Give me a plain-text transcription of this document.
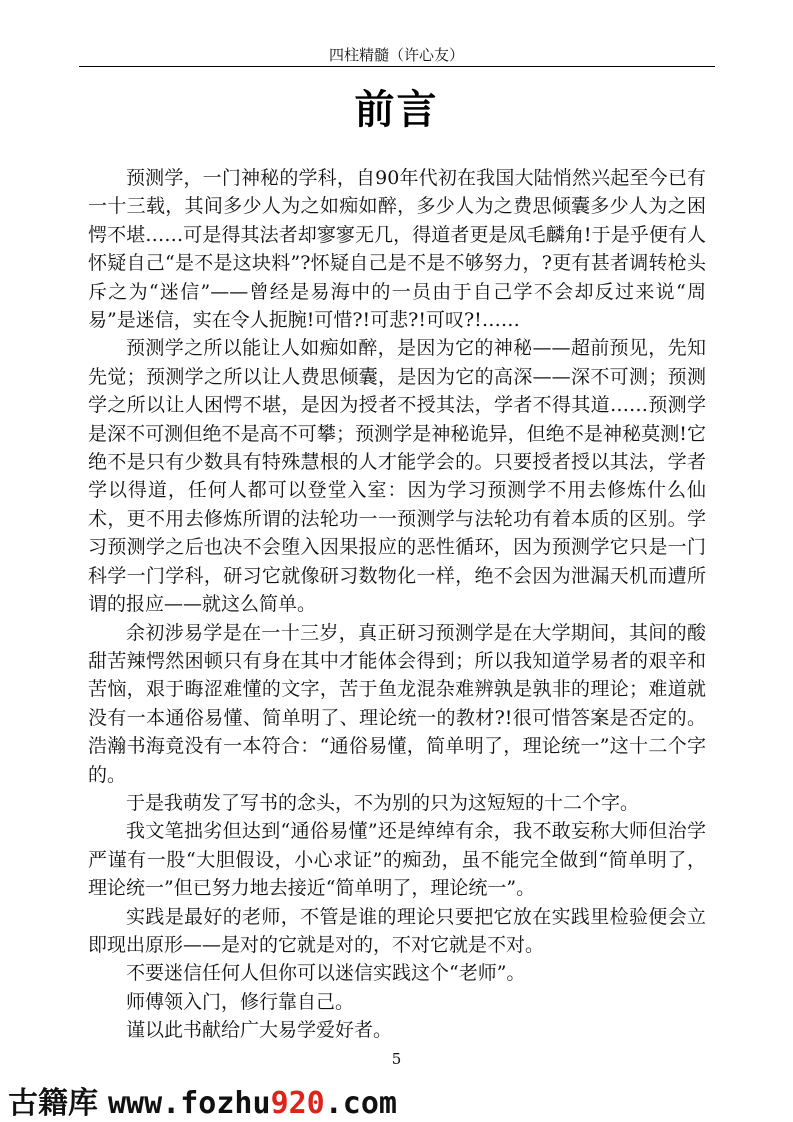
四柱精髓（许心友）
前言

预测学，一门神秘的学科，自90年代初在我国大陆悄然兴起至今已有一十三载，其间多少人为之如痴如醉，多少人为之费思倾囊多少人为之困愕不堪……可是得其法者却寥寥无几，得道者更是凤毛麟角!于是乎便有人怀疑自己“是不是这块料”?怀疑自己是不是不够努力，?更有甚者调转枪头斥之为“迷信”——曾经是易海中的一员由于自己学不会却反过来说“周易”是迷信，实在令人扼腕!可惜?!可悲?!可叹?!……

预测学之所以能让人如痴如醉，是因为它的神秘——超前预见，先知先觉；预测学之所以让人费思倾囊，是因为它的高深——深不可测；预测学之所以让人困愕不堪，是因为授者不授其法，学者不得其道……预测学是深不可测但绝不是高不可攀；预测学是神秘诡异，但绝不是神秘莫测!它绝不是只有少数具有特殊慧根的人才能学会的。只要授者授以其法，学者学以得道，任何人都可以登堂入室：因为学习预测学不用去修炼什么仙术，更不用去修炼所谓的法轮功一一预测学与法轮功有着本质的区别。学习预测学之后也决不会堕入因果报应的恶性循环，因为预测学它只是一门科学一门学科，研习它就像研习数物化一样，绝不会因为泄漏天机而遭所谓的报应——就这么简单。

余初涉易学是在一十三岁，真正研习预测学是在大学期间，其间的酸甜苦辣愕然困顿只有身在其中才能体会得到；所以我知道学易者的艰辛和苦恼，艰于晦涩难懂的文字，苦于鱼龙混杂难辨孰是孰非的理论；难道就没有一本通俗易懂、简单明了、理论统一的教材?!很可惜答案是否定的。浩瀚书海竟没有一本符合：“通俗易懂，简单明了，理论统一”这十二个字的。

于是我萌发了写书的念头，不为别的只为这短短的十二个字。

我文笔拙劣但达到“通俗易懂”还是绰绰有余，我不敢妄称大师但治学严谨有一股“大胆假设，小心求证”的痴劲，虽不能完全做到“简单明了，理论统一”但已努力地去接近“简单明了，理论统一”。

实践是最好的老师，不管是谁的理论只要把它放在实践里检验便会立即现出原形——是对的它就是对的，不对它就是不对。

不要迷信任何人但你可以迷信实践这个“老师”。

师傅领入门，修行靠自己。

谨以此书献给广大易学爱好者。

5
古籍库 www.fozhu920.com
